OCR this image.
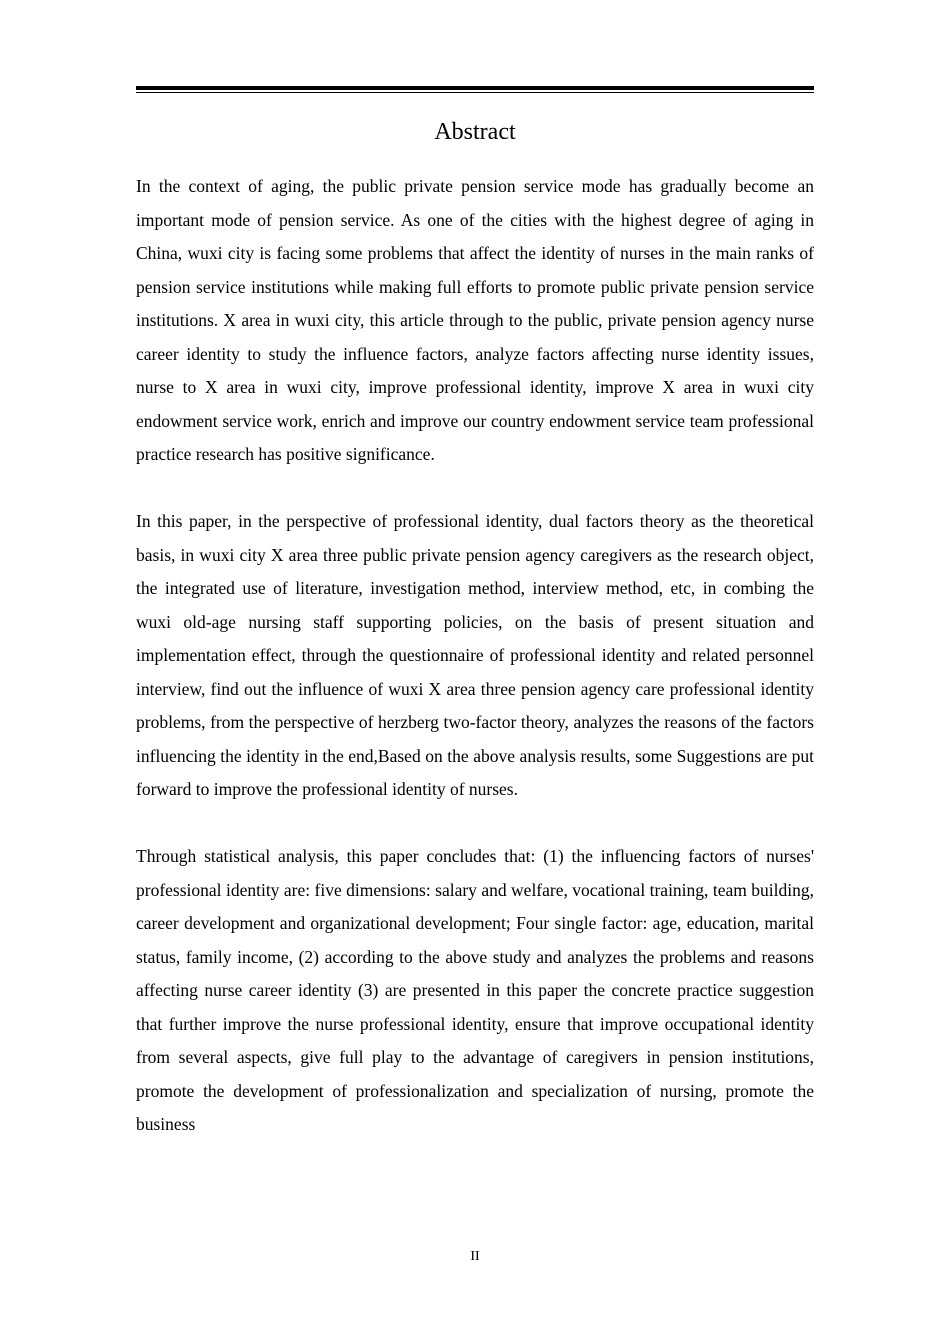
Abstract

In the context of aging, the public private pension service mode has gradually become an important mode of pension service. As one of the cities with the highest degree of aging in China, wuxi city is facing some problems that affect the identity of nurses in the main ranks of pension service institutions while making full efforts to promote public private pension service institutions. X area in wuxi city, this article through to the public, private pension agency nurse career identity to study the influence factors, analyze factors affecting nurse identity issues, nurse to X area in wuxi city, improve professional identity, improve X area in wuxi city endowment service work, enrich and improve our country endowment service team professional practice research has positive significance.

In this paper, in the perspective of professional identity, dual factors theory as the theoretical basis, in wuxi city X area three public private pension agency caregivers as the research object, the integrated use of literature, investigation method, interview method, etc, in combing the wuxi old-age nursing staff supporting policies, on the basis of present situation and implementation effect, through the questionnaire of professional identity and related personnel interview, find out the influence of wuxi X area three pension agency care professional identity problems, from the perspective of herzberg two-factor theory, analyzes the reasons of the factors influencing the identity in the end,Based on the above analysis results, some Suggestions are put forward to improve the professional identity of nurses.

Through statistical analysis, this paper concludes that: (1) the influencing factors of nurses' professional identity are: five dimensions: salary and welfare, vocational training, team building, career development and organizational development; Four single factor: age, education, marital status, family income, (2) according to the above study and analyzes the problems and reasons affecting nurse career identity (3) are presented in this paper the concrete practice suggestion that further improve the nurse professional identity, ensure that improve occupational identity from several aspects, give full play to the advantage of caregivers in pension institutions, promote the development of professionalization and specialization of nursing, promote the business

II
